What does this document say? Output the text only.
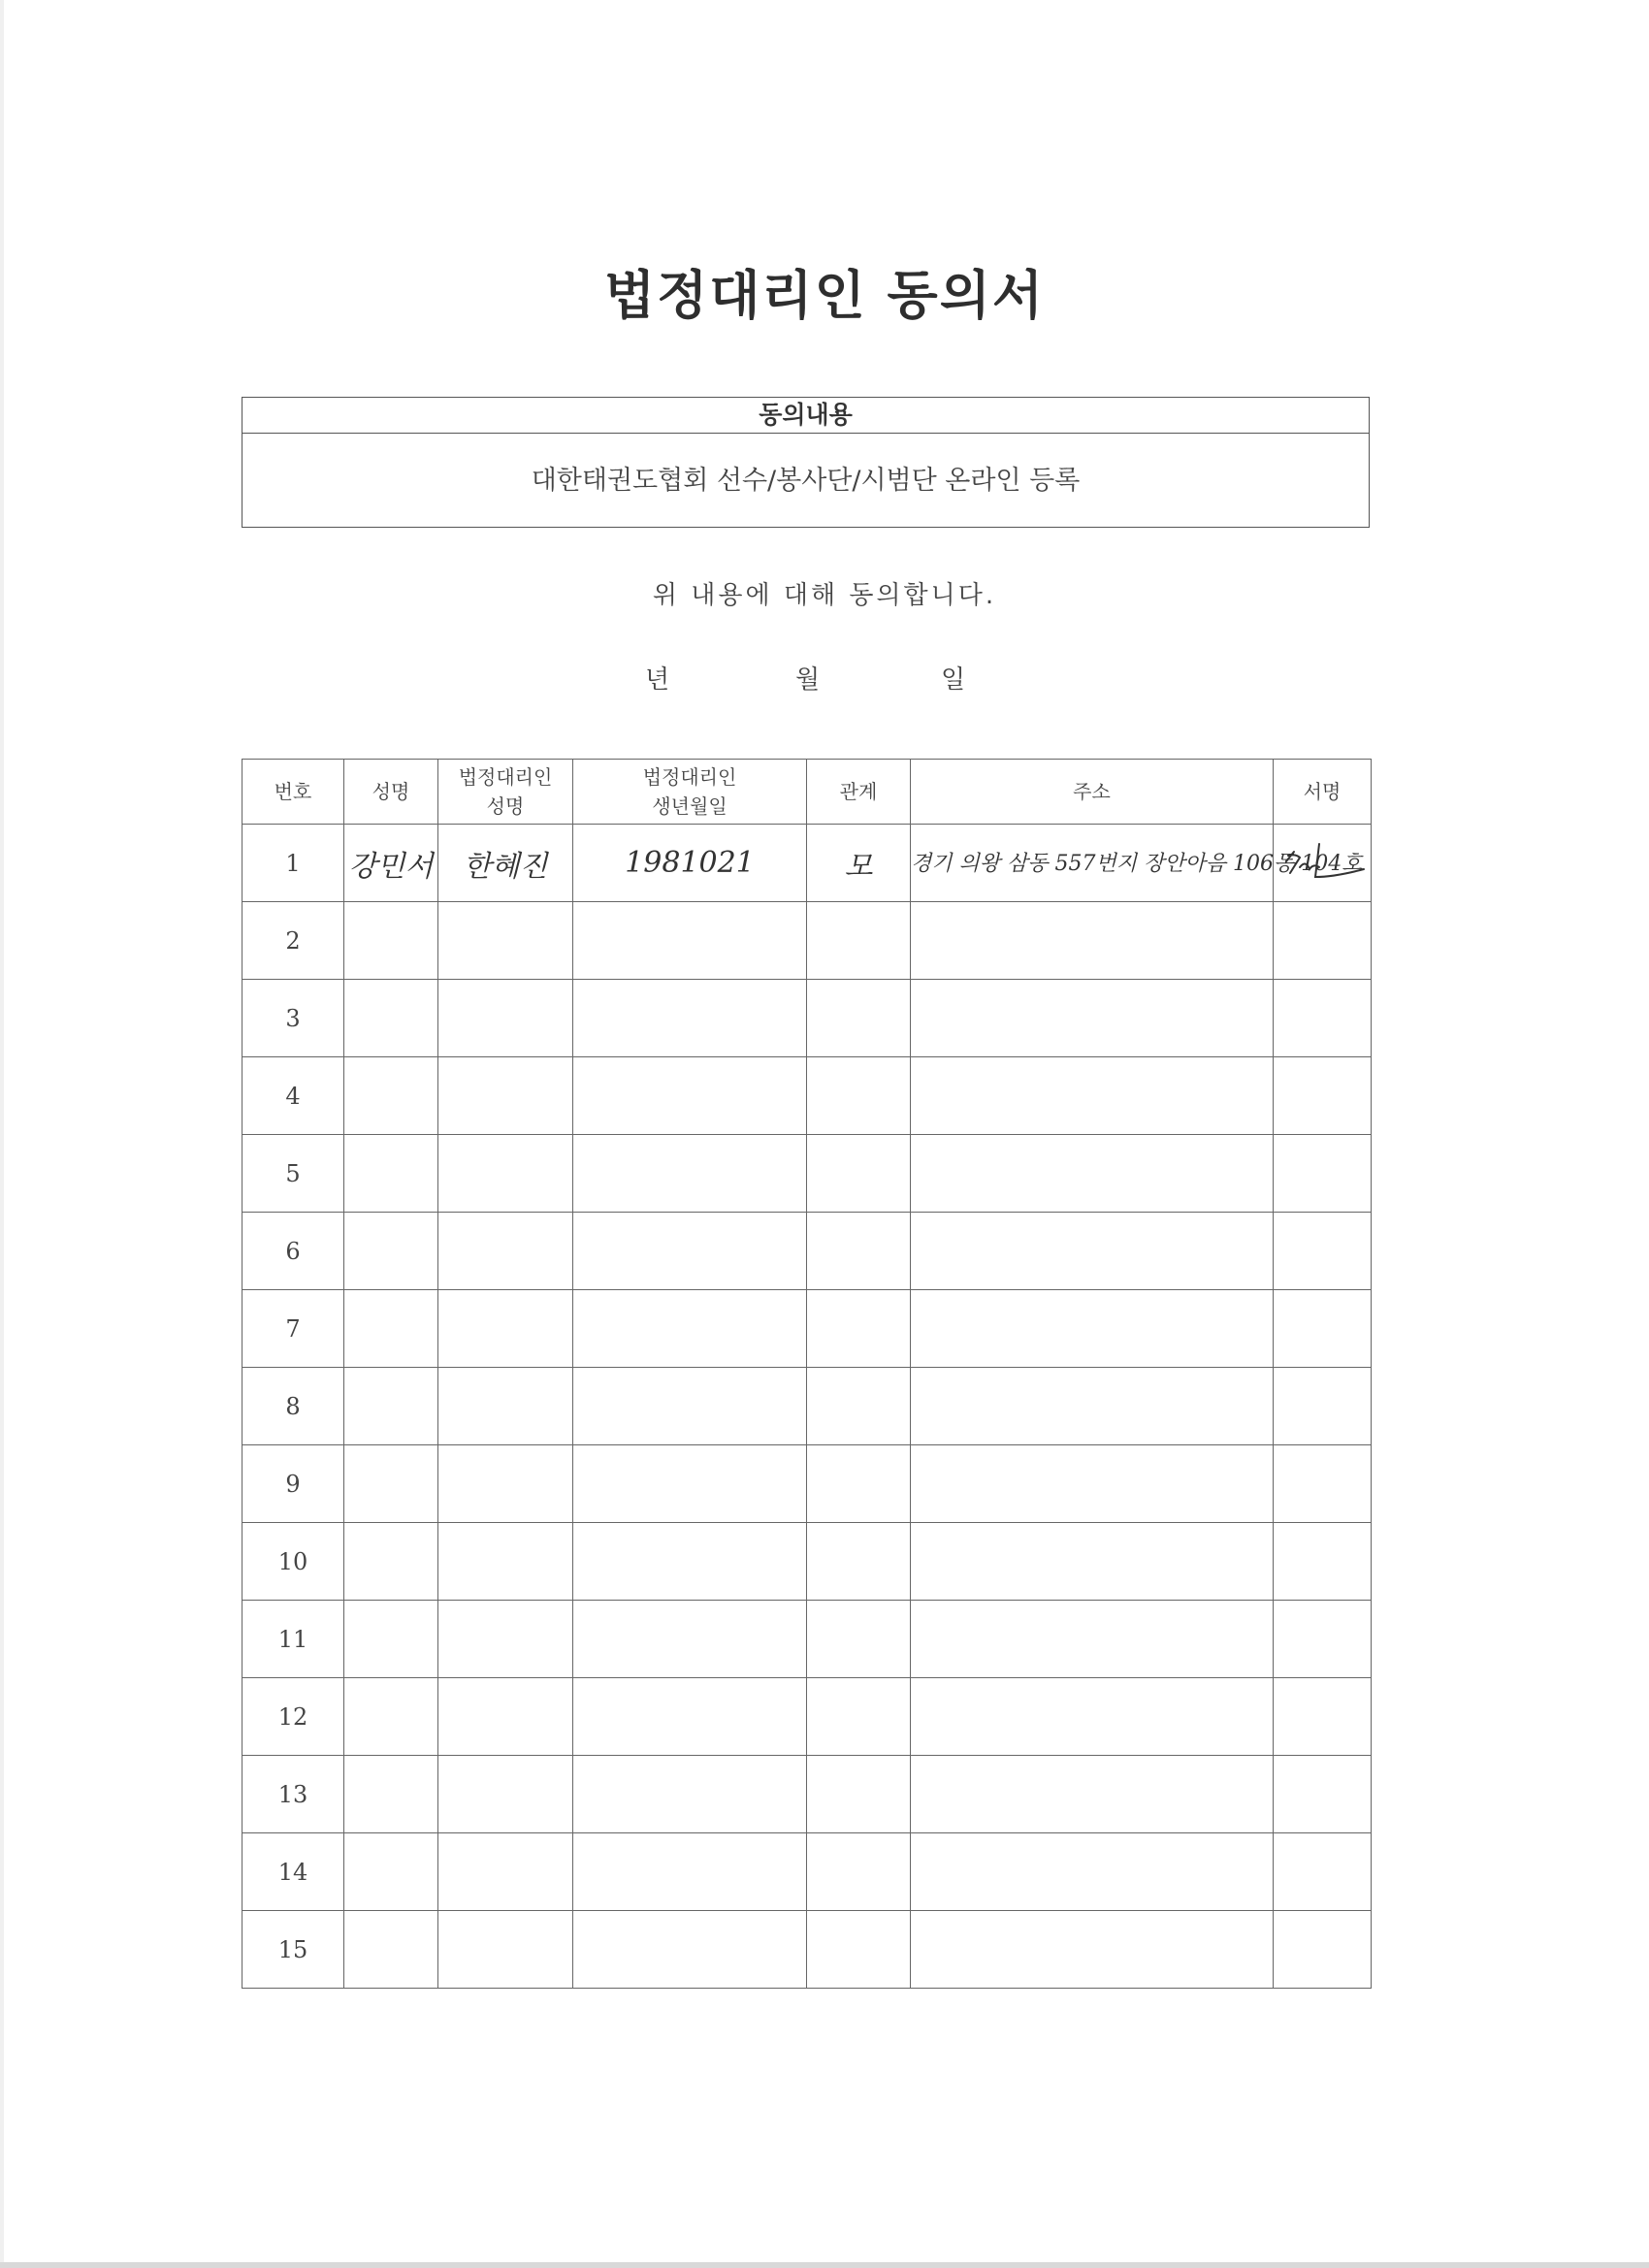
법정대리인 동의서
동의내용
대한태권도협회 선수/봉사단/시범단 온라인 등록
위 내용에 대해 동의합니다.
년	월	일
번호	성명	법정대리인 성명	법정대리인 생년월일	관계	주소	서명
1	강민서	한혜진	1981021	모	경기 의왕 삼동 557번지 장안아음 106동 104호	

2						
3						
4						
5						
6						
7						
8						
9						
10						
11						
12						
13						
14						
15						
